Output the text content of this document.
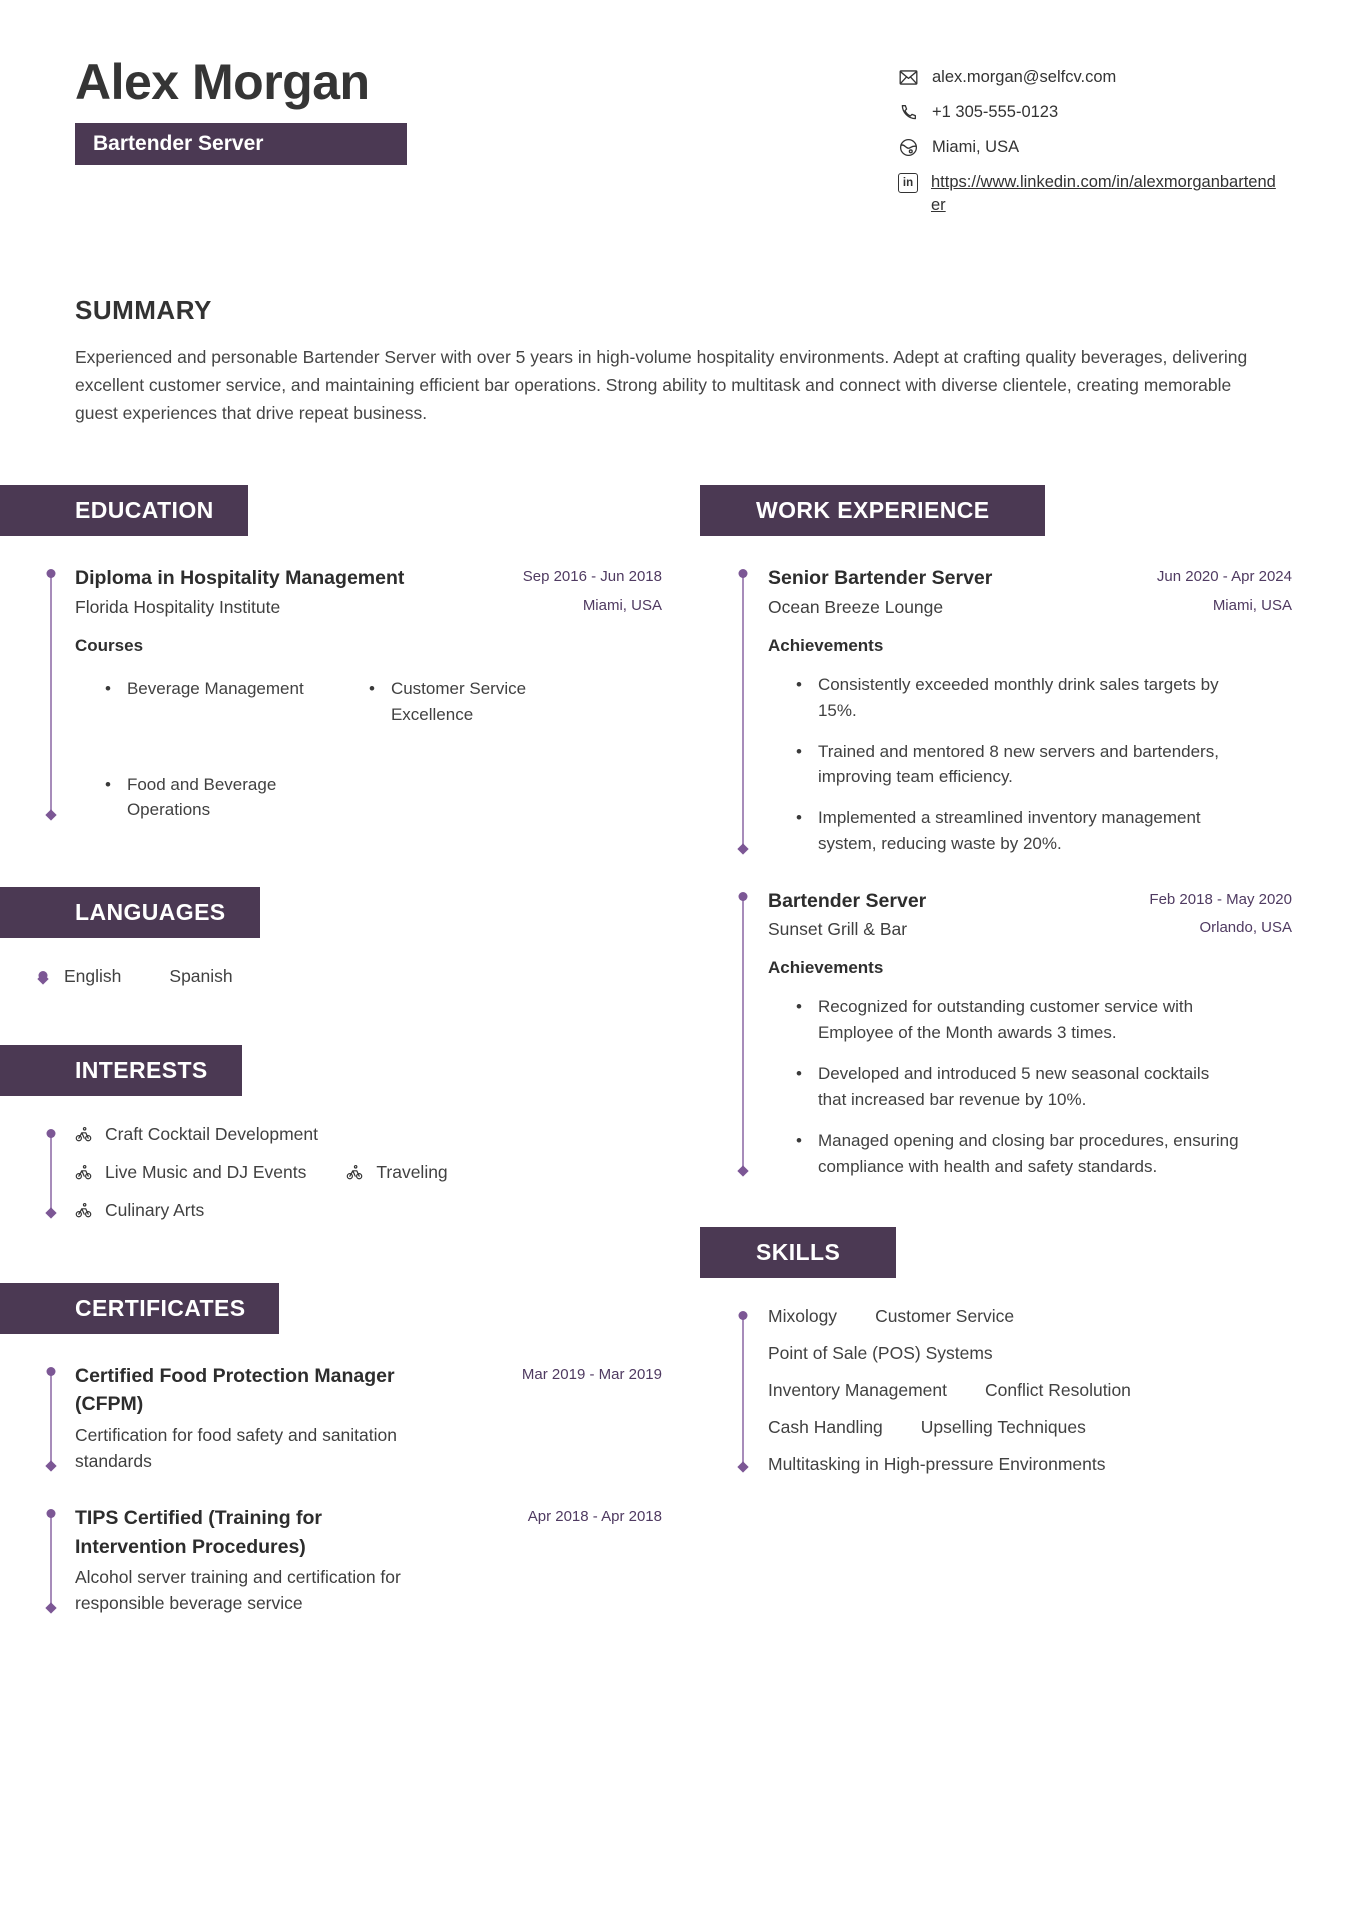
Alex Morgan
Bartender Server
alex.morgan@selfcv.com
+1 305-555-0123
Miami, USA
in https://www.linkedin.com/in/alexmorganbartender
SUMMARY

Experienced and personable Bartender Server with over 5 years in high-volume hospitality environments. Adept at crafting quality beverages, delivering excellent customer service, and maintaining efficient bar operations. Strong ability to multitask and connect with diverse clientele, creating memorable guest experiences that drive repeat business.

EDUCATION
Diploma in Hospitality Management	Sep 2016 - Jun 2018
Florida Hospitality Institute	Miami, USA
Courses
• Beverage Management	• Customer Service Excellence
• Food and Beverage Operations
LANGUAGES
English	Spanish
INTERESTS
Craft Cocktail Development
Live Music and DJ Events	Traveling
Culinary Arts
CERTIFICATES
Certified Food Protection Manager (CFPM)
Mar 2019 - Mar 2019
Certification for food safety and sanitation standards
TIPS Certified (Training for Intervention Procedures)
Apr 2018 - Apr 2018
Alcohol server training and certification for responsible beverage service
WORK EXPERIENCE
Senior Bartender Server	Jun 2020 - Apr 2024
Ocean Breeze Lounge	Miami, USA
Achievements
• Consistently exceeded monthly drink sales targets by 15%.
• Trained and mentored 8 new servers and bartenders, improving team efficiency.
• Implemented a streamlined inventory management system, reducing waste by 20%.
Bartender Server	Feb 2018 - May 2020
Sunset Grill & Bar	Orlando, USA
Achievements
• Recognized for outstanding customer service with Employee of the Month awards 3 times.
• Developed and introduced 5 new seasonal cocktails that increased bar revenue by 10%.
• Managed opening and closing bar procedures, ensuring compliance with health and safety standards.
SKILLS
Mixology Customer Service
Point of Sale (POS) Systems
Inventory Management Conflict Resolution
Cash Handling Upselling Techniques
Multitasking in High-pressure Environments
